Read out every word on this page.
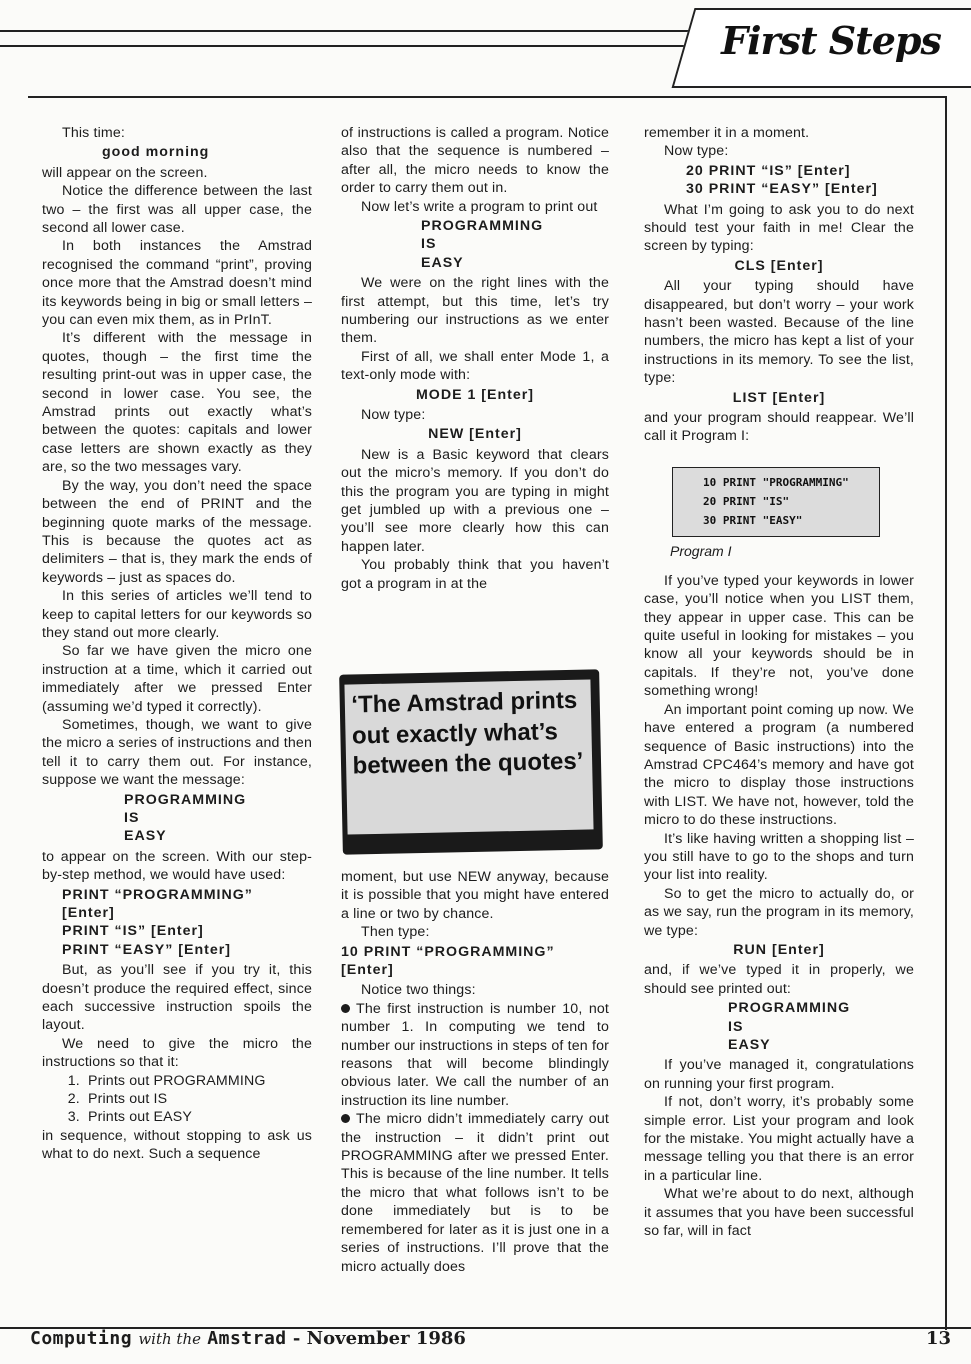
First Steps

This time:

good morning

will appear on the screen.

Notice the difference between the last two – the first was all upper case, the second all lower case.

In both instances the Amstrad recognised the command “print”, proving once more that the Amstrad doesn’t mind its keywords being in big or small letters – you can even mix them, as in PrInT.

It’s different with the message in quotes, though – the first time the resulting print-out was in upper case, the second in lower case. You see, the Amstrad prints out exactly what’s between the quotes: capitals and lower case letters are shown exactly as they are, so the two messages vary.

By the way, you don’t need the space between the end of PRINT and the beginning quote marks of the message. This is because the quotes act as delimiters – that is, they mark the ends of keywords – just as spaces do.

In this series of articles we’ll tend to keep to capital letters for our keywords so they stand out more clearly.

So far we have given the micro one instruction at a time, which it carried out immediately after we pressed Enter (assuming we’d typed it correctly).

Sometimes, though, we want to give the micro a series of instructions and then tell it to carry them out. For instance, suppose we want the message:

PROGRAMMING
IS
EASY

to appear on the screen. With our step-by-step method, we would have used:

PRINT “PROGRAMMING”
[Enter]
PRINT “IS” [Enter]
PRINT “EASY” [Enter]

But, as you’ll see if you try it, this doesn’t produce the required effect, since each successive instruction spoils the layout.

We need to give the micro the instructions so that it:

1. Prints out PROGRAMMING
2. Prints out IS
3. Prints out EASY

in sequence, without stopping to ask us what to do next. Such a sequence

of instructions is called a program. Notice also that the sequence is numbered – after all, the micro needs to know the order to carry them out in.

Now let’s write a program to print out

PROGRAMMING
IS
EASY

We were on the right lines with the first attempt, but this time, let’s try numbering our instructions as we enter them.

First of all, we shall enter Mode 1, a text-only mode with:

MODE 1 [Enter]

Now type:

NEW [Enter]

New is a Basic keyword that clears out the micro’s memory. If you don’t do this the program you are typing in might get jumbled up with a previous one – you’ll see more clearly how this can happen later.

You probably think that you haven’t got a program in at the

‘The Amstrad prints out exactly what’s between the quotes’

moment, but use NEW anyway, because it is possible that you might have entered a line or two by chance.

Then type:

10 PRINT “PROGRAMMING”
[Enter]

Notice two things:

The first instruction is number 10, not number 1. In computing we tend to number our instructions in steps of ten for reasons that will become blindingly obvious later. We call the number of an instruction its line number.

The micro didn’t immediately carry out the instruction – it didn’t print out PROGRAMMING after we pressed Enter. This is because of the line number. It tells the micro that what follows isn’t to be done immediately but is to be remembered for later as it is just one in a series of instructions. I’ll prove that the micro actually does

remember it in a moment.

Now type:

20 PRINT “IS” [Enter]
30 PRINT “EASY” [Enter]

What I’m going to ask you to do next should test your faith in me! Clear the screen by typing:

CLS [Enter]

All your typing should have disappeared, but don’t worry – your work hasn’t been wasted. Because of the line numbers, the micro has kept a list of your instructions in its memory. To see the list, type:

LIST [Enter]

and your program should reappear. We’ll call it Program I:

If you’ve typed your keywords in lower case, you’ll notice when you LIST them, they appear in upper case. This can be quite useful in looking for mistakes – you know all your keywords should be in capitals. If they’re not, you’ve done something wrong!

An important point coming up now. We have entered a program (a numbered sequence of Basic instructions) into the Amstrad CPC464’s memory and have got the micro to display those instructions with LIST. We have not, however, told the micro to do these instructions.

It’s like having written a shopping list – you still have to go to the shops and turn your list into reality.

So to get the micro to actually do, or as we say, run the program in its memory, we type:

RUN [Enter]

and, if we’ve typed it in properly, we should see printed out:

PROGRAMMING
IS
EASY

If you’ve managed it, congratulations on running your first program.

If not, don’t worry, it’s probably some simple error. List your program and look for the mistake. You might actually have a message telling you that there is an error in a particular line.

What we’re about to do next, although it assumes that you have been successful so far, will in fact

10 PRINT "PROGRAMMING"
20 PRINT "IS"
30 PRINT "EASY"
Program I
Computing with the Amstrad - November 1986	13
